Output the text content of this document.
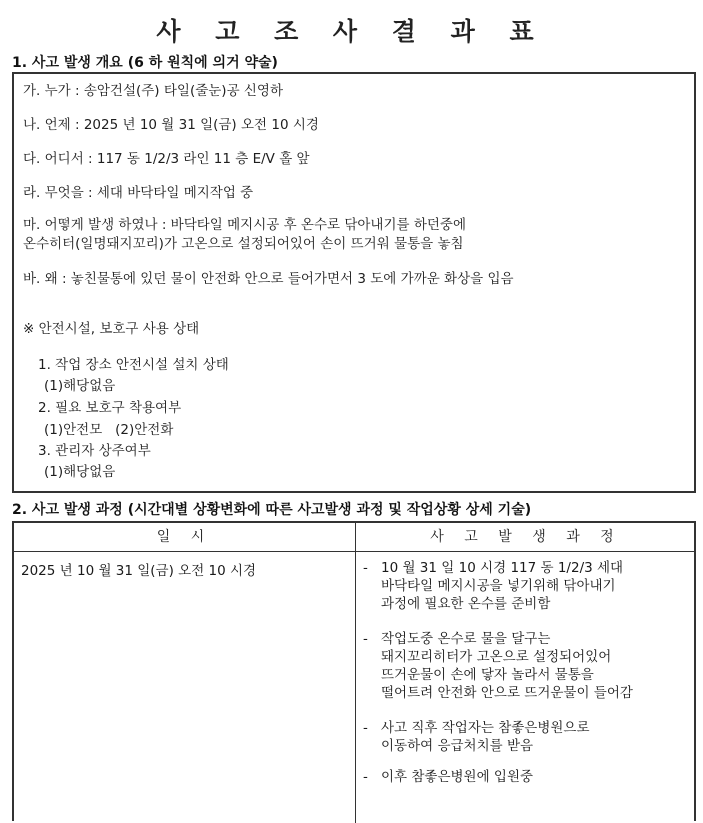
사 고 조 사 결 과 표
1. 사고 발생 개요 (6 하 원칙에 의거 약술)
가. 누가 : 송암건설(주) 타일(줄눈)공 신영하
나. 언제 : 2025 년 10 월 31 일(금) 오전 10 시경
다. 어디서 : 117 동 1/2/3 라인 11 층 E/V 홀 앞
라. 무엇을 : 세대 바닥타일 메지작업 중
마. 어떻게 발생 하였나 : 바닥타일 메지시공 후 온수로 닦아내기를 하던중에
온수히터(일명돼지꼬리)가 고온으로 설정되어있어 손이 뜨거워 물통을 놓침
바. 왜 : 놓친물통에 있던 물이 안전화 안으로 들어가면서 3 도에 가까운 화상을 입음
※ 안전시설, 보호구 사용 상태
1. 작업 장소 안전시설 설치 상태
(1)해당없음
2. 필요 보호구 착용여부
(1)안전모   (2)안전화
3. 관리자 상주여부
(1)해당없음
2. 사고 발생 과정 (시간대별 상황변화에 따른 사고발생 과정 및 작업상황 상세 기술)
일 시	사 고 발 생 과 정
2025 년 10 월 31 일(금) 오전 10 시경	- 10 월 31 일 10 시경 117 동 1/2/3 세대
바닥타일 메지시공을 넣기위해 닦아내기
과정에 필요한 온수를 준비함
- 작업도중 온수로 물을 달구는
돼지꼬리히터가 고온으로 설정되어있어
뜨거운물이 손에 닿자 놀라서 물통을
떨어트려 안전화 안으로 뜨거운물이 들어감
- 사고 직후 작업자는 참좋은병원으로
이동하여 응급처치를 받음
- 이후 참좋은병원에 입원중
